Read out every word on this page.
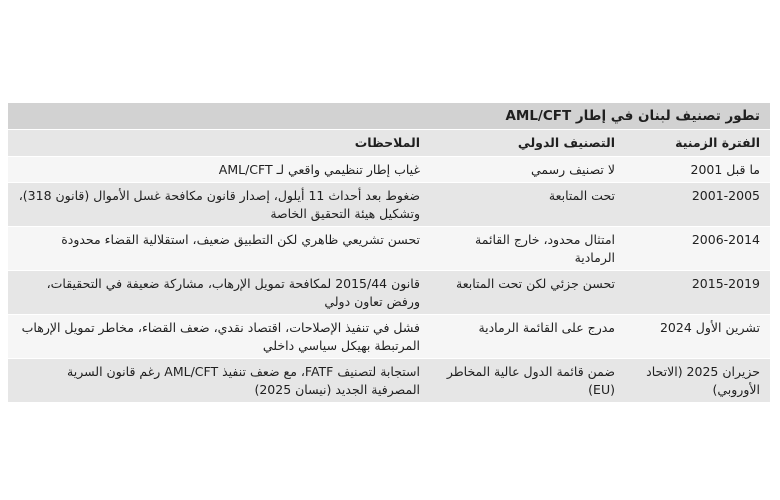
تطور تصنيف لبنان في إطار AML/CFT
الفترة الزمنية	التصنيف الدولي	الملاحظات
ما قبل 2001	لا تصنيف رسمي	غياب إطار تنظيمي واقعي لـ AML/CFT
2001-2005	تحت المتابعة	ضغوط بعد أحداث 11 أيلول، إصدار قانون مكافحة غسل الأموال (قانون 318)، وتشكيل هيئة التحقيق الخاصة
2006-2014	امتثال محدود، خارج القائمة الرمادية	تحسن تشريعي ظاهري لكن التطبيق ضعيف، استقلالية القضاء محدودة
2015-2019	تحسن جزئي لكن تحت المتابعة	قانون 2015/44 لمكافحة تمويل الإرهاب، مشاركة ضعيفة في التحقيقات، ورفض تعاون دولي
تشرين الأول 2024	مدرج على القائمة الرمادية	فشل في تنفيذ الإصلاحات، اقتصاد نقدي، ضعف القضاء، مخاطر تمويل الإرهاب المرتبطة بهيكل سياسي داخلي
حزيران 2025 (الاتحاد الأوروبي)	ضمن قائمة الدول عالية المخاطر (EU)	استجابة لتصنيف FATF، مع ضعف تنفيذ AML/CFT رغم قانون السرية المصرفية الجديد (نيسان 2025)
